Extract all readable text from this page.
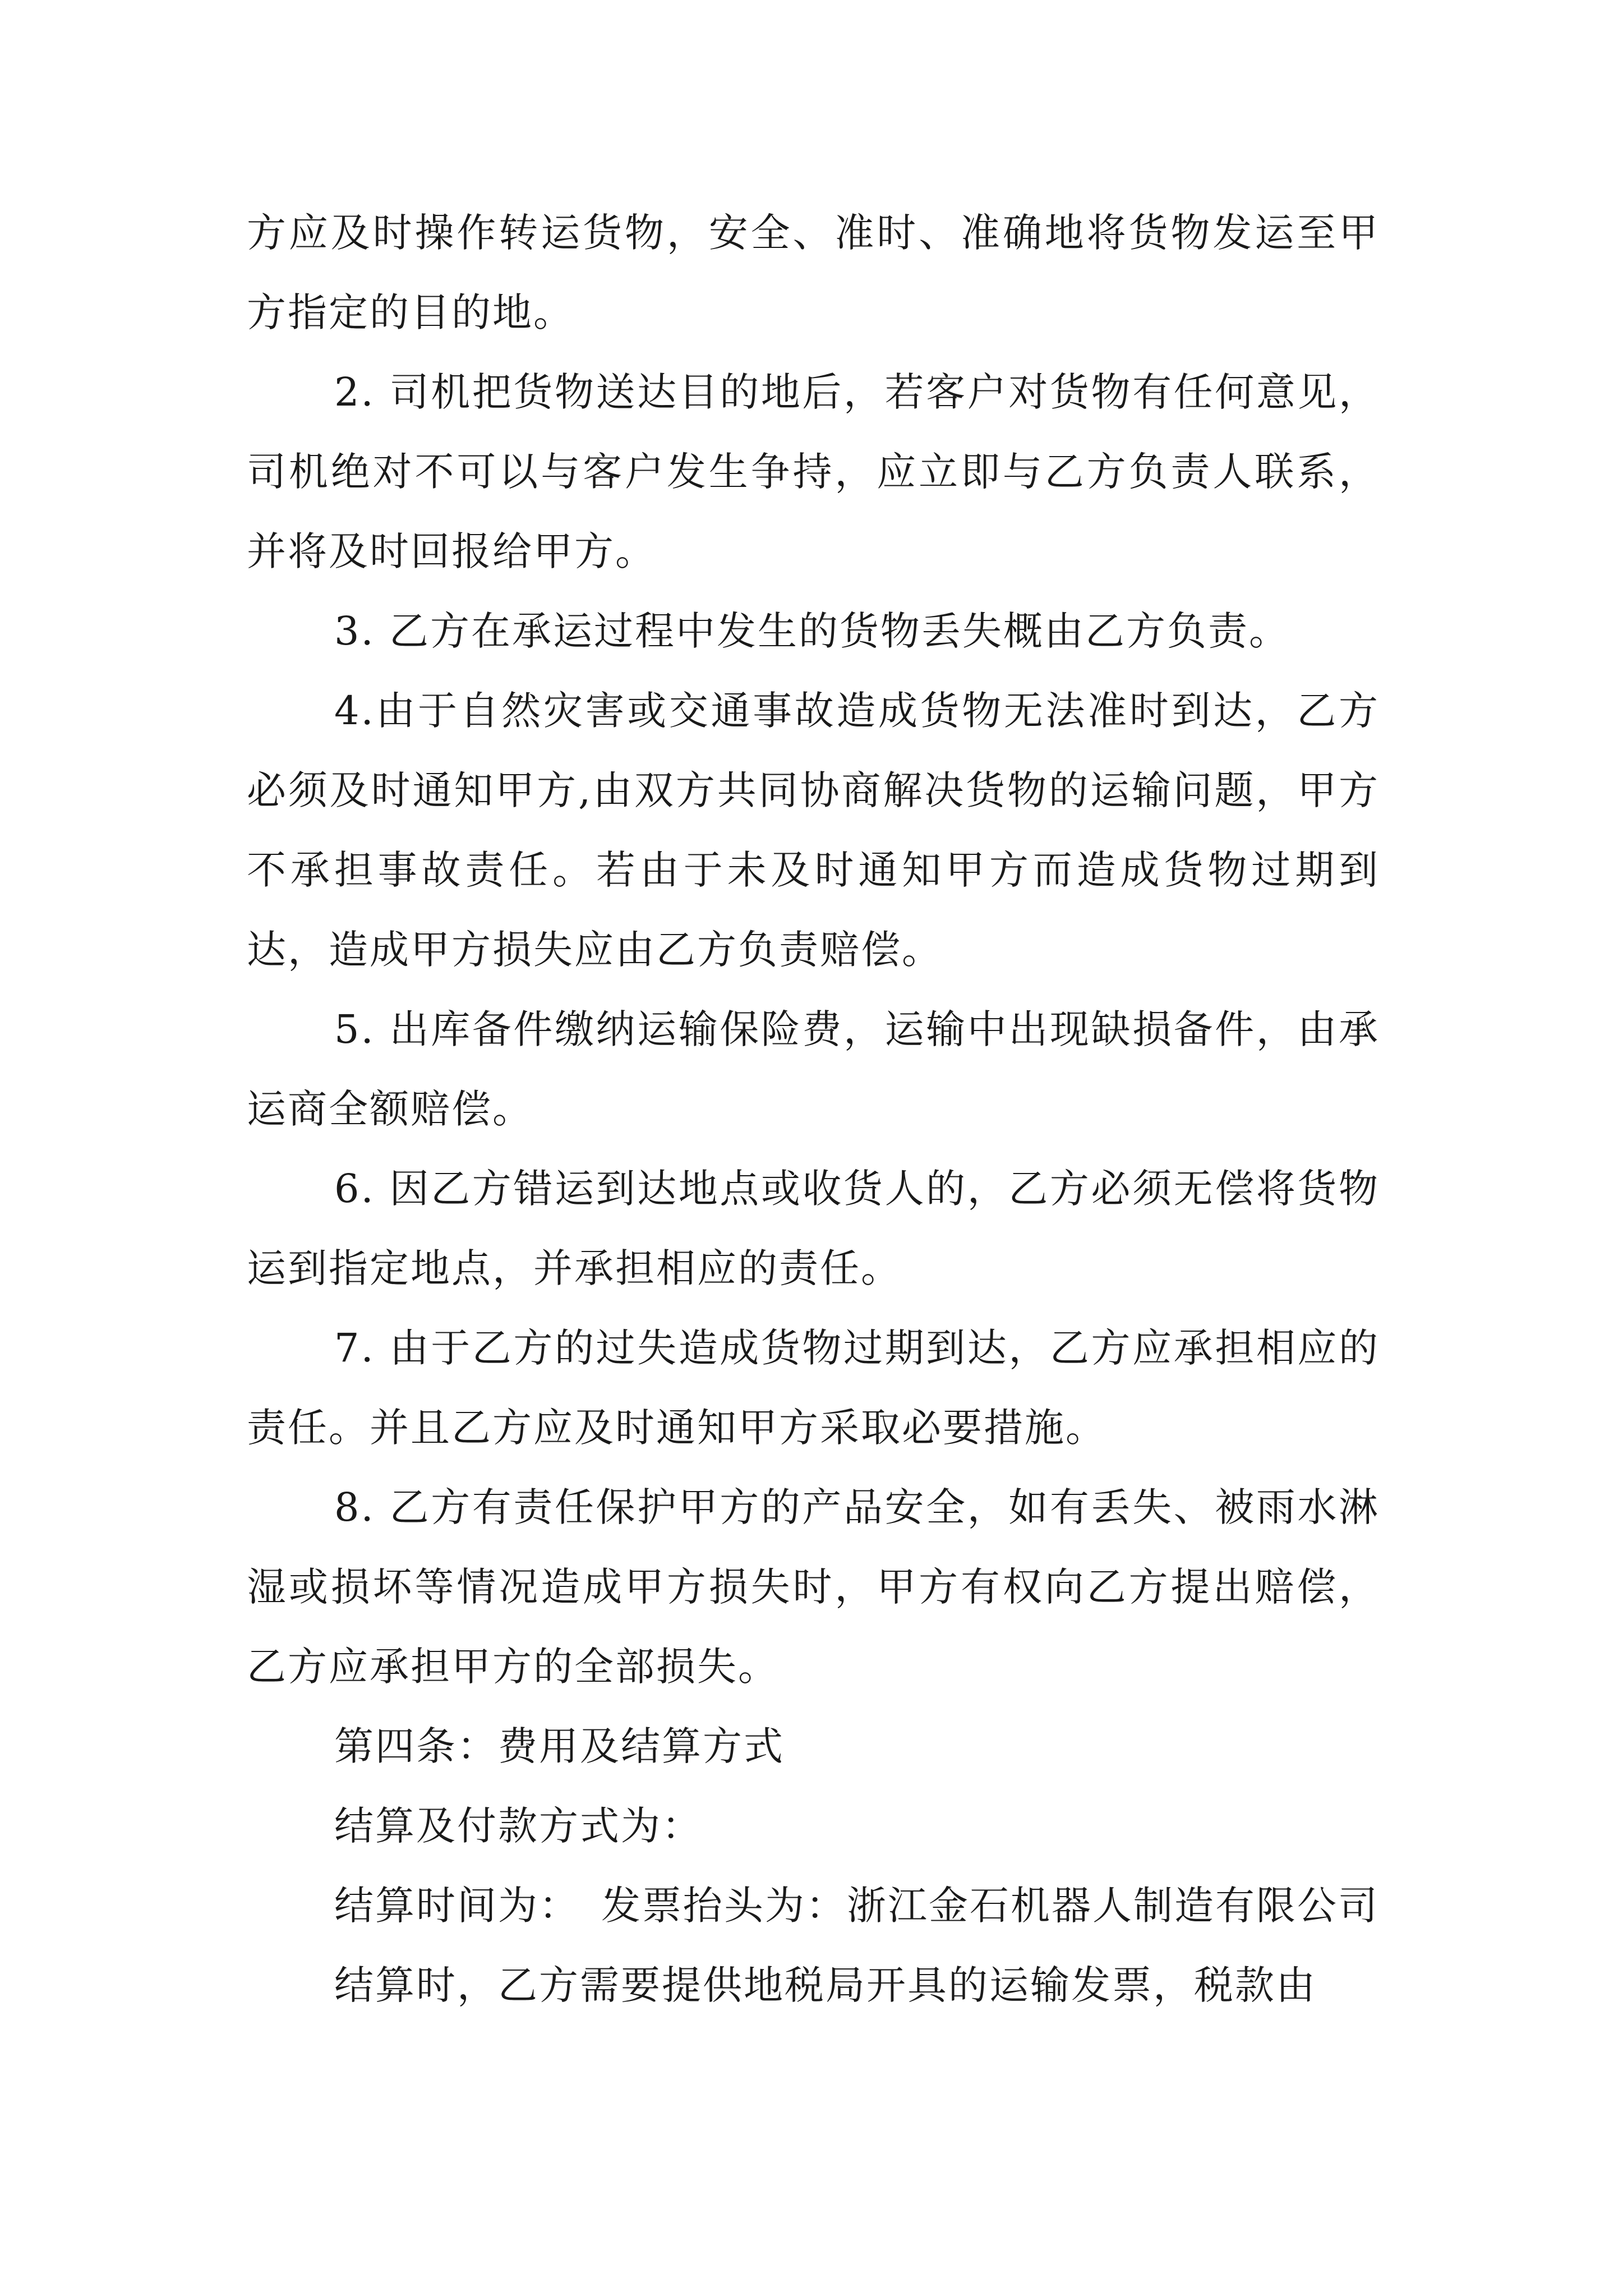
方应及时操作转运货物，安全、准时、准确地将货物发运至甲方指定的目的地。

2. 司机把货物送达目的地后，若客户对货物有任何意见，司机绝对不可以与客户发生争持，应立即与乙方负责人联系，并将及时回报给甲方。

3. 乙方在承运过程中发生的货物丢失概由乙方负责。

4.由于自然灾害或交通事故造成货物无法准时到达，乙方必须及时通知甲方,由双方共同协商解决货物的运输问题，甲方不承担事故责任。若由于未及时通知甲方而造成货物过期到达，造成甲方损失应由乙方负责赔偿。

5. 出库备件缴纳运输保险费，运输中出现缺损备件，由承运商全额赔偿。

6. 因乙方错运到达地点或收货人的，乙方必须无偿将货物运到指定地点，并承担相应的责任。

7. 由于乙方的过失造成货物过期到达，乙方应承担相应的责任。并且乙方应及时通知甲方采取必要措施。

8. 乙方有责任保护甲方的产品安全，如有丢失、被雨水淋湿或损坏等情况造成甲方损失时，甲方有权向乙方提出赔偿，乙方应承担甲方的全部损失。

第四条：费用及结算方式

结算及付款方式为：

结算时间为：　发票抬头为：浙江金石机器人制造有限公司

结算时，乙方需要提供地税局开具的运输发票，税款由
